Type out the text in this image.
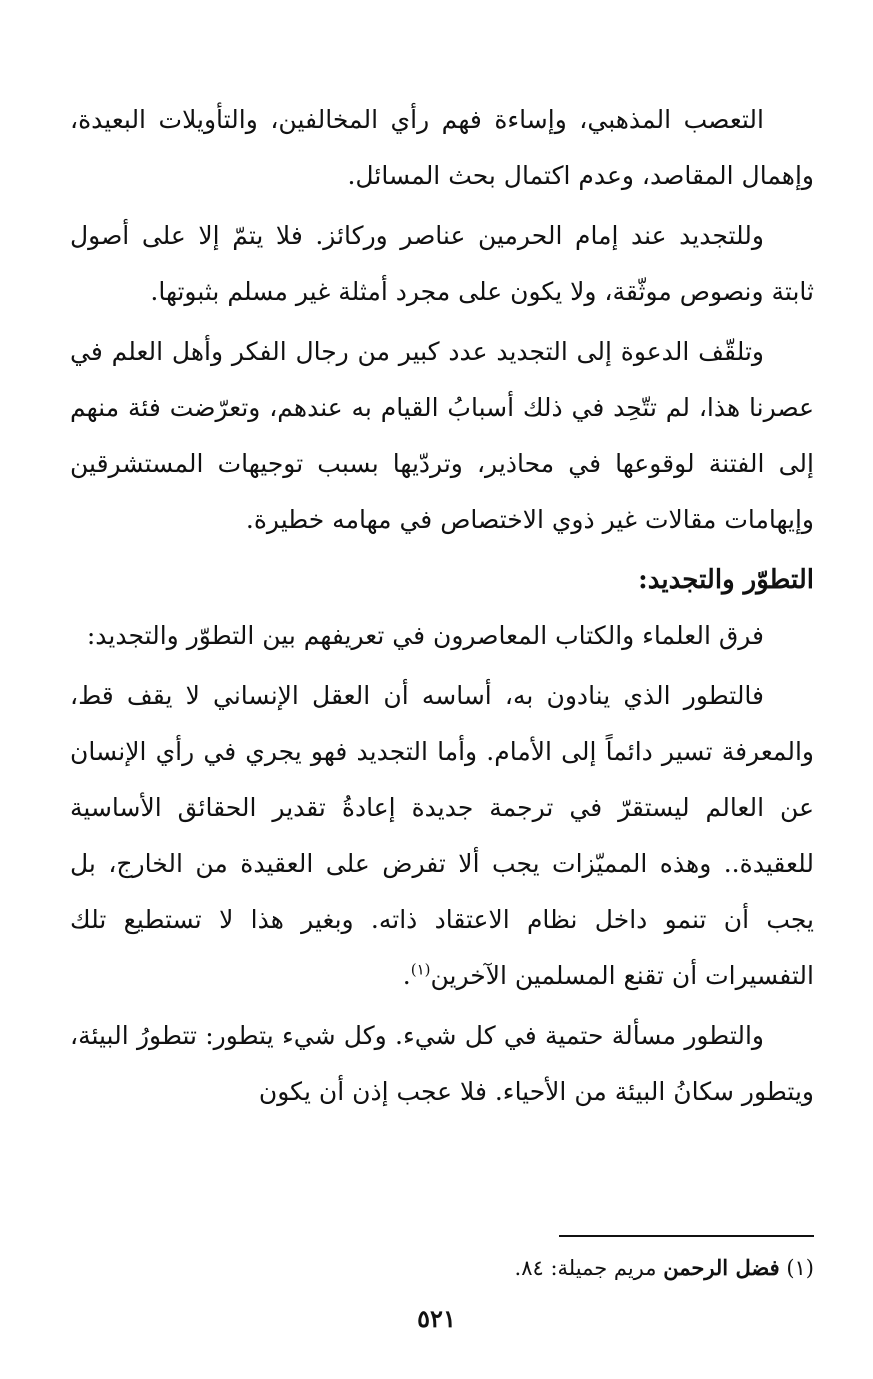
التعصب المذهبي، وإساءة فهم رأي المخالفين، والتأويلات البعيدة، وإهمال المقاصد، وعدم اكتمال بحث المسائل.

وللتجديد عند إمام الحرمين عناصر وركائز. فلا يتمّ إلا على أصول ثابتة ونصوص موثّقة، ولا يكون على مجرد أمثلة غير مسلم بثبوتها.

وتلقّف الدعوة إلى التجديد عدد كبير من رجال الفكر وأهل العلم في عصرنا هذا، لم تتّحِد في ذلك أسبابُ القيام به عندهم، وتعرّضت فئة منهم إلى الفتنة لوقوعها في محاذير، وتردّيها بسبب توجيهات المستشرقين وإيهامات مقالات غير ذوي الاختصاص في مهامه خطيرة.

التطوّر والتجديد:

فرق العلماء والكتاب المعاصرون في تعريفهم بين التطوّر والتجديد:

فالتطور الذي ينادون به، أساسه أن العقل الإنساني لا يقف قط، والمعرفة تسير دائماً إلى الأمام. وأما التجديد فهو يجري في رأي الإنسان عن العالم ليستقرّ في ترجمة جديدة إعادةُ تقدير الحقائق الأساسية للعقيدة.. وهذه المميّزات يجب ألا تفرض على العقيدة من الخارج، بل يجب أن تنمو داخل نظام الاعتقاد ذاته. وبغير هذا لا تستطيع تلك التفسيرات أن تقنع المسلمين الآخرين$^{(١)}$.

والتطور مسألة حتمية في كل شيء. وكل شيء يتطور: تتطورُ البيئة، ويتطور سكانُ البيئة من الأحياء. فلا عجب إذن أن يكون

(١) فضل الرحمن مريم جميلة: ٨٤.
٥٢١
